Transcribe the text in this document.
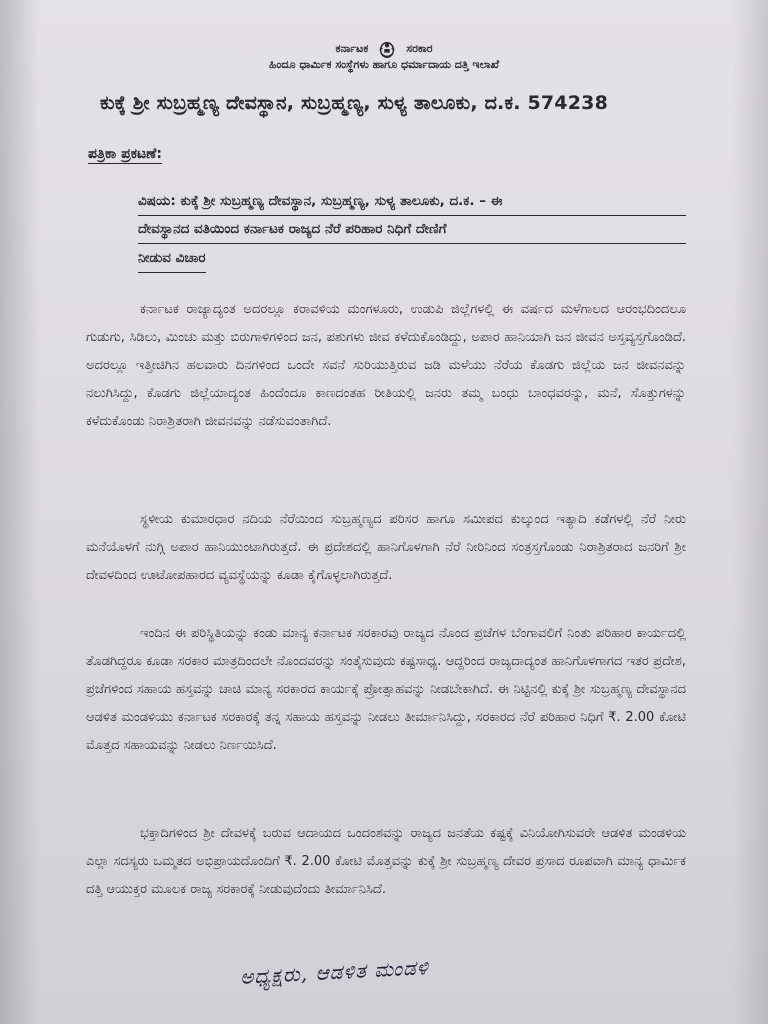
ಕರ್ನಾಟಕ	ಸರಕಾರ
ಹಿಂದೂ ಧಾರ್ಮಿಕ ಸಂಸ್ಥೆಗಳು ಹಾಗೂ ಧರ್ಮಾದಾಯ ದತ್ತಿ ಇಲಾಖೆ
ಕುಕ್ಕೆ ಶ್ರೀ ಸುಬ್ರಹ್ಮಣ್ಯ ದೇವಸ್ಥಾನ, ಸುಬ್ರಹ್ಮಣ್ಯ, ಸುಳ್ಯ ತಾಲೂಕು, ದ.ಕ. 574238
ಪತ್ರಿಕಾ ಪ್ರಕಟಣೆ:
ವಿಷಯ: ಕುಕ್ಕೆ ಶ್ರೀ ಸುಬ್ರಹ್ಮಣ್ಯ ದೇವಸ್ಥಾನ, ಸುಬ್ರಹ್ಮಣ್ಯ, ಸುಳ್ಯ ತಾಲೂಕು, ದ.ಕ. – ಈ
ದೇವಸ್ಥಾನದ ವತಿಯಿಂದ ಕರ್ನಾಟಕ ರಾಜ್ಯದ ನೆರೆ ಪರಿಹಾರ ನಿಧಿಗೆ ದೇಣಿಗೆ
ನೀಡುವ ವಿಚಾರ

ಕರ್ನಾಟಕ ರಾಜ್ಯಾದ್ಯಂತ ಅದರಲ್ಲೂ ಕರಾವಳಿಯ ಮಂಗಳೂರು, ಉಡುಪಿ ಜಿಲ್ಲೆಗಳಲ್ಲಿ ಈ ವರ್ಷದ ಮಳೆಗಾಲದ ಆರಂಭದಿಂದಲೂ ಗುಡುಗು, ಸಿಡಿಲು, ಮಿಂಚು ಮತ್ತು ಬಿರುಗಾಳಿಗಳಿಂದ ಜನ, ಪಶುಗಳು ಜೀವ ಕಳೆದುಕೊಂಡಿದ್ದು, ಅಪಾರ ಹಾನಿಯಾಗಿ ಜನ ಜೀವನ ಅಸ್ತವ್ಯಸ್ತಗೊಂಡಿದೆ. ಅದರಲ್ಲೂ ಇತ್ತೀಚಿಗಿನ ಹಲವಾರು ದಿನಗಳಿಂದ ಒಂದೇ ಸವನೆ ಸುರಿಯುತ್ತಿರುವ ಜಡಿ ಮಳೆಯು ನೆರೆಯ ಕೊಡಗು ಜಿಲ್ಲೆಯ ಜನ ಜೀವನವನ್ನು ನಲುಗಿಸಿದ್ದು, ಕೊಡಗು ಜಿಲ್ಲೆಯಾದ್ಯಂತ ಹಿಂದೆಂದೂ ಕಾಣದಂತಹ ರೀತಿಯಲ್ಲಿ ಜನರು ತಮ್ಮ ಬಂಧು ಬಾಂಧವರನ್ನು, ಮನೆ, ಸೊತ್ತುಗಳನ್ನು ಕಳೆದುಕೊಂಡು ನಿರಾಶ್ರಿತರಾಗಿ ಜೀವನವನ್ನು ನಡೆಸುವಂತಾಗಿದೆ.

ಸ್ಥಳೀಯ ಕುಮಾರಧಾರ ನದಿಯ ನೆರೆಯಿಂದ ಸುಬ್ರಹ್ಮಣ್ಯದ ಪರಿಸರ ಹಾಗೂ ಸಮೀಪದ ಕುಲ್ಕುಂದ ಇತ್ಯಾದಿ ಕಡೆಗಳಲ್ಲಿ ನೆರೆ ನೀರು ಮನೆಯೊಳಗೆ ನುಗ್ಗಿ ಅಪಾರ ಹಾನಿಯುಂಟಾಗಿರುತ್ತದೆ. ಈ ಪ್ರದೇಶದಲ್ಲಿ ಹಾನಿಗೊಳಗಾಗಿ ನೆರೆ ನೀರಿನಿಂದ ಸಂತ್ರಸ್ತಗೊಂಡು ನಿರಾಶ್ರಿತರಾದ ಜನರಿಗೆ ಶ್ರೀ ದೇವಳದಿಂದ ಊಟೋಪಹಾರದ ವ್ಯವಸ್ಥೆಯನ್ನು ಕೂಡಾ ಕೈಗೊಳ್ಳಲಾಗಿರುತ್ತದೆ.

ಇಂದಿನ ಈ ಪರಿಸ್ಥಿತಿಯನ್ನು ಕಂಡು ಮಾನ್ಯ ಕರ್ನಾಟಕ ಸರಕಾರವು ರಾಜ್ಯದ ನೊಂದ ಪ್ರಜೆಗಳ ಬೆಂಗಾವಲಿಗೆ ನಿಂತು ಪರಿಹಾರ ಕಾರ್ಯದಲ್ಲಿ ತೊಡಗಿದ್ದರೂ ಕೂಡಾ ಸರಕಾರ ಮಾತ್ರದಿಂದಲೇ ನೊಂದವರನ್ನು ಸಂತೈಸುವುದು ಕಷ್ಟಸಾಧ್ಯ. ಆದ್ದರಿಂದ ರಾಜ್ಯದಾದ್ಯಂತ ಹಾನಿಗೊಳಗಾಗದ ಇತರ ಪ್ರದೇಶ, ಪ್ರಜೆಗಳಿಂದ ಸಹಾಯ ಹಸ್ತವನ್ನು ಚಾಚಿ ಮಾನ್ಯ ಸರಕಾರದ ಕಾರ್ಯಕ್ಕೆ ಪ್ರೋತ್ಸಾಹವನ್ನು ನೀಡಬೇಕಾಗಿದೆ. ಈ ನಿಟ್ಟಿನಲ್ಲಿ ಕುಕ್ಕೆ ಶ್ರೀ ಸುಬ್ರಹ್ಮಣ್ಯ ದೇವಸ್ಥಾನದ ಆಡಳಿತ ಮಂಡಳಿಯು ಕರ್ನಾಟಕ ಸರಕಾರಕ್ಕೆ ತನ್ನ ಸಹಾಯ ಹಸ್ತವನ್ನು ನೀಡಲು ತೀರ್ಮಾನಿಸಿದ್ದು, ಸರಕಾರದ ನೆರೆ ಪರಿಹಾರ ನಿಧಿಗೆ ₹. 2.00 ಕೋಟಿ ಮೊತ್ತದ ಸಹಾಯವನ್ನು ನೀಡಲು ನಿರ್ಣಯಿಸಿದೆ.

ಭಕ್ತಾದಿಗಳಿಂದ ಶ್ರೀ ದೇವಳಕ್ಕೆ ಬರುವ ಆದಾಯದ ಒಂದಂಶವನ್ನು ರಾಜ್ಯದ ಜನತೆಯ ಕಷ್ಟಕ್ಕೆ ವಿನಿಯೋಗಿಸುವರೇ ಆಡಳಿತ ಮಂಡಳಿಯ ಎಲ್ಲಾ ಸದಸ್ಯರು ಒಮ್ಮತದ ಅಭಿಪ್ರಾಯದೊಂದಿಗೆ ₹. 2.00 ಕೋಟಿ ಮೊತ್ತವನ್ನು ಕುಕ್ಕೆ ಶ್ರೀ ಸುಬ್ರಹ್ಮಣ್ಯ ದೇವರ ಪ್ರಸಾದ ರೂಪವಾಗಿ ಮಾನ್ಯ ಧಾರ್ಮಿಕ ದತ್ತಿ ಆಯುಕ್ತರ ಮೂಲಕ ರಾಜ್ಯ ಸರಕಾರಕ್ಕೆ ನೀಡುವುದೆಂದು ತೀರ್ಮಾನಿಸಿದೆ.

ಅಧ್ಯಕ್ಷರು, ಆಡಳಿತ ಮಂಡಳಿ
